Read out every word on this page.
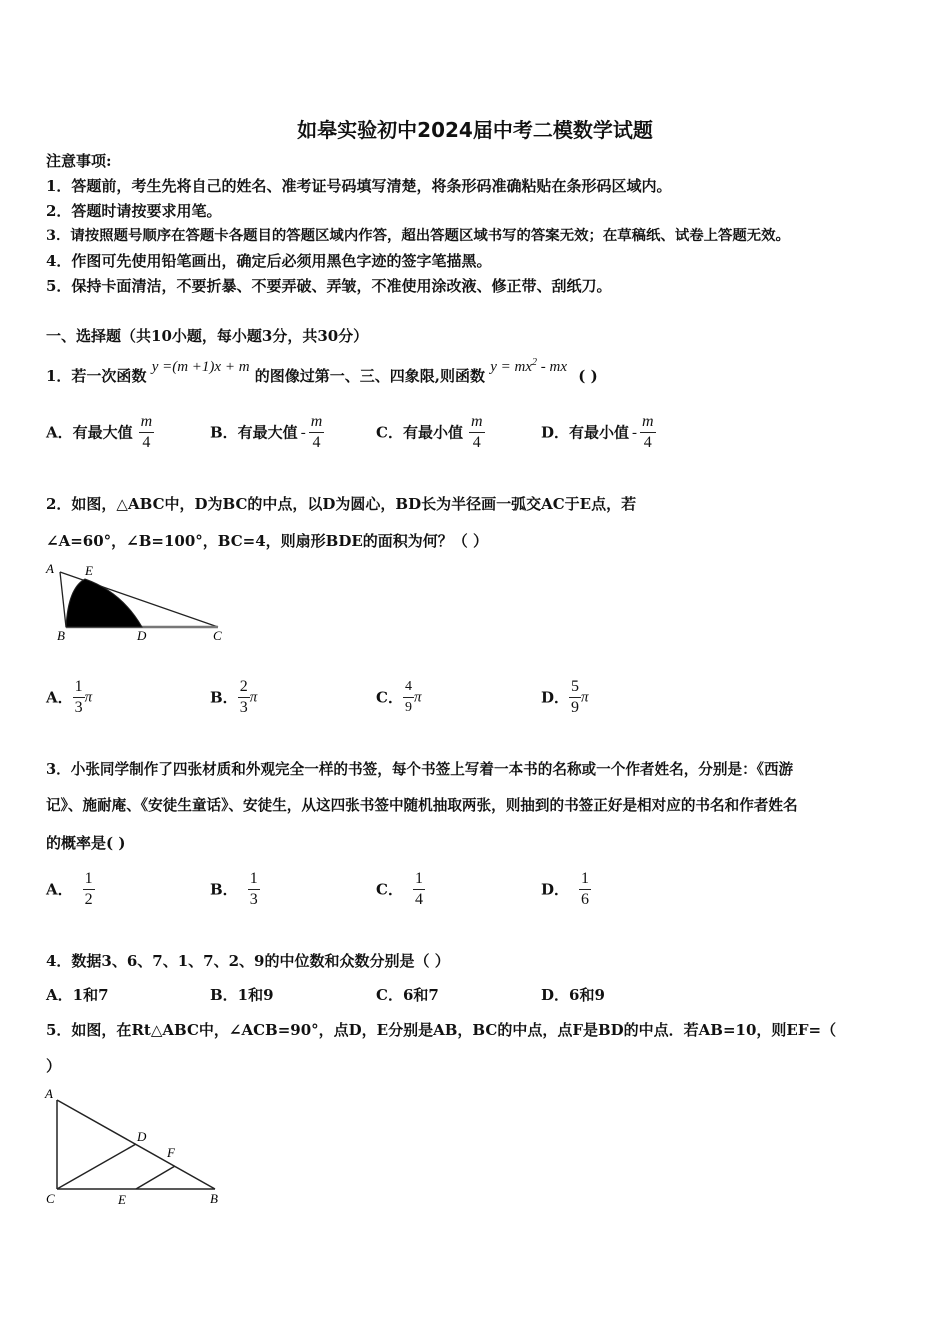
如皋实验初中2024届中考二模数学试题
注意事项:
1．答题前，考生先将自己的姓名、准考证号码填写清楚，将条形码准确粘贴在条形码区域内。
2．答题时请按要求用笔。
3．请按照题号顺序在答题卡各题目的答题区域内作答，超出答题区域书写的答案无效；在草稿纸、试卷上答题无效。
4．作图可先使用铅笔画出，确定后必须用黑色字迹的签字笔描黑。
5．保持卡面清洁，不要折暴、不要弄破、弄皱，不准使用涂改液、修正带、刮纸刀。
一、选择题（共10小题，每小题3分，共30分）
1．若一次函数 y =(m +1)x + m 的图像过第一、三、四象限,则函数 $y = mx^2$ - mx ( )
A．有最大值 $\frac{m}{4}$	B．有最大值 - $\frac{m}{4}$	C．有最小值 $\frac{m}{4}$	D．有最小值 - $\frac{m}{4}$
2．如图，△ABC中，D为BC的中点，以D为圆心，BD长为半径画一弧交AC于E点，若
∠A=60°，∠B=100°，BC=4，则扇形BDE的面积为何？（ ）
A E
B	D	C
A． $\frac{1}{3}$ π	B． $\frac{2}{3}$ π	C． $\frac{4}{9}$ π	D． $\frac{5}{9}$ π
3．小张同学制作了四张材质和外观完全一样的书签，每个书签上写着一本书的名称或一个作者姓名，分别是：《西游
记》、施耐庵、《安徒生童话》、安徒生，从这四张书签中随机抽取两张，则抽到的书签正好是相对应的书名和作者姓名
的概率是( )
A． $\frac{1}{2}$	B． $\frac{1}{3}$	C． $\frac{1}{4}$	D． $\frac{1}{6}$
4．数据3、6、7、1、7、2、9的中位数和众数分别是（ ）
A．1和7	B．1和9	C．6和7	D．6和9
5．如图，在Rt△ABC中，∠ACB=90°，点D，E分别是AB，BC的中点，点F是BD的中点．若AB=10，则EF=（
）
A
D
F
C	E	B
